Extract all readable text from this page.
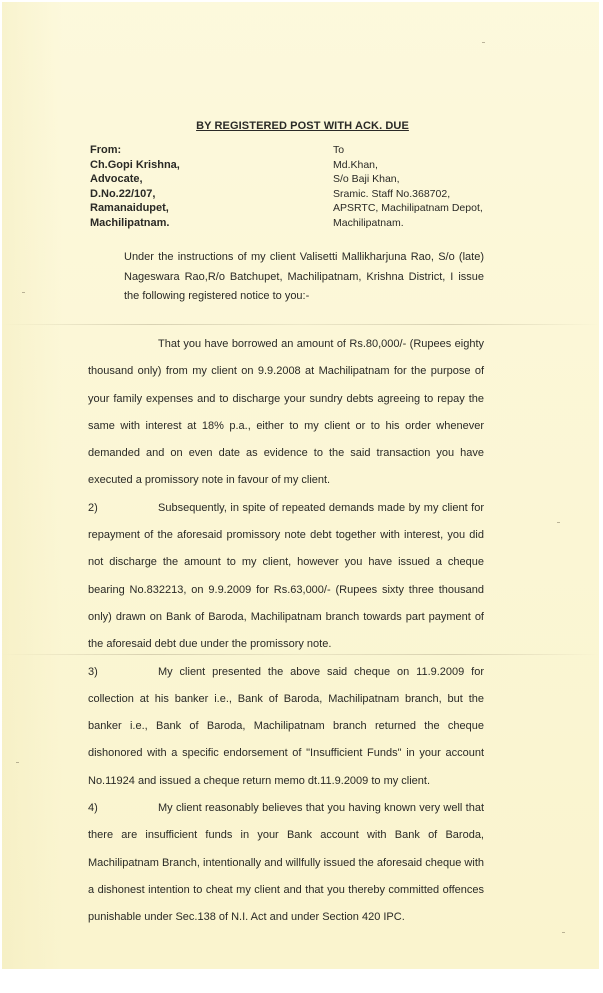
BY REGISTERED POST WITH ACK. DUE
From:
Ch.Gopi Krishna,
Advocate,
D.No.22/107,
Ramanaidupet,
Machilipatnam.
To
Md.Khan,
S/o Baji Khan,
Sramic. Staff No.368702,
APSRTC, Machilipatnam Depot,
Machilipatnam.
Under the instructions of my client Valisetti Mallikharjuna Rao, S/o (late) Nageswara Rao,R/o Batchupet, Machilipatnam, Krishna District, I issue the following registered notice to you:-

That you have borrowed an amount of Rs.80,000/- (Rupees eighty thousand only) from my client on 9.9.2008 at Machilipatnam for the purpose of your family expenses and to discharge your sundry debts agreeing to repay the same with interest at 18% p.a., either to my client or to his order whenever demanded and on even date as evidence to the said transaction you have executed a promissory note in favour of my client.

2)	Subsequently, in spite of repeated demands made by my client for repayment of the aforesaid promissory note debt together with interest, you did not discharge the amount to my client, however you have issued a cheque bearing No.832213, on 9.9.2009 for Rs.63,000/- (Rupees sixty three thousand only) drawn on Bank of Baroda, Machilipatnam branch towards part payment of the aforesaid debt due under the promissory note.

3)	My client presented the above said cheque on 11.9.2009 for collection at his banker i.e., Bank of Baroda, Machilipatnam branch, but the banker i.e., Bank of Baroda, Machilipatnam branch returned the cheque dishonored with a specific endorsement of "Insufficient Funds" in your account No.11924 and issued a cheque return memo dt.11.9.2009 to my client.

4)	My client reasonably believes that you having known very well that there are insufficient funds in your Bank account with Bank of Baroda, Machilipatnam Branch, intentionally and willfully issued the aforesaid cheque with a dishonest intention to cheat my client and that you thereby committed offences punishable under Sec.138 of N.I. Act and under Section 420 IPC.
